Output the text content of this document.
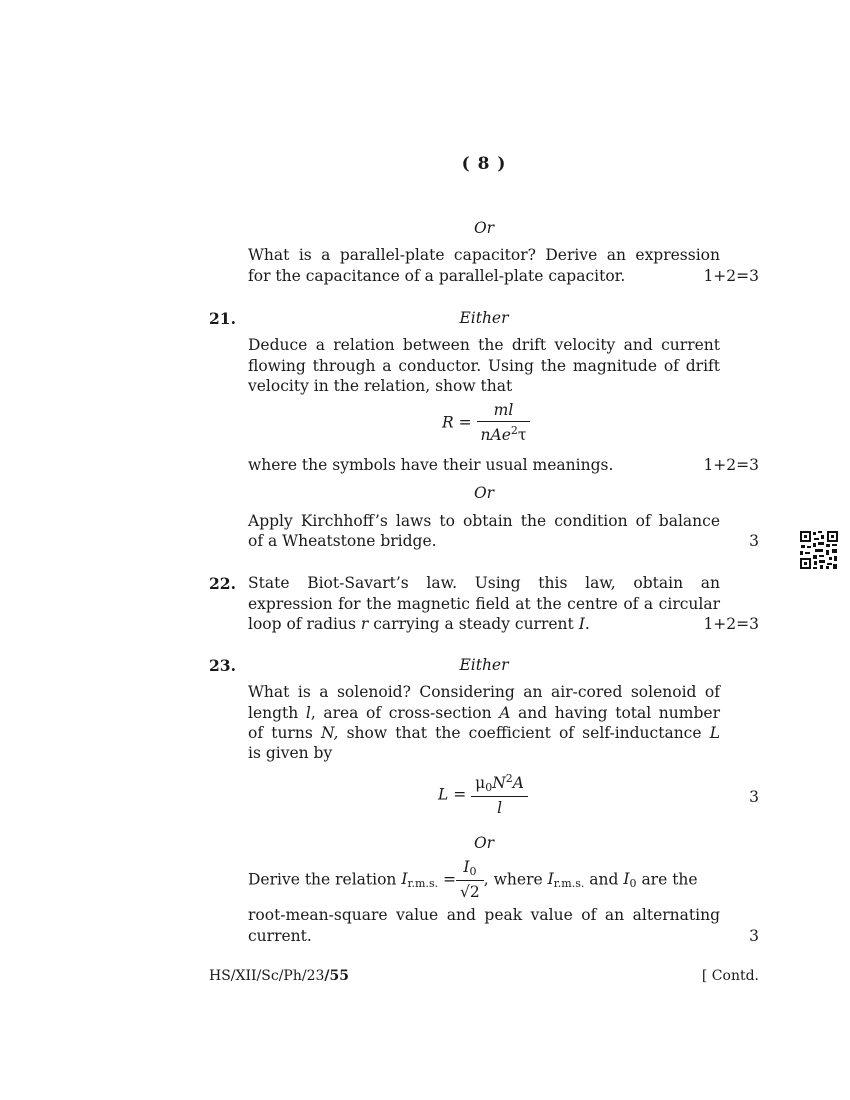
( 8 )
Or
What is a parallel-plate capacitor? Derive an expression
for the capacitance of a parallel-plate capacitor.	1+2=3
21.	Either
Deduce a relation between the drift velocity and current flowing through a conductor. Using the magnitude of drift velocity in the relation, show that
$R = \frac{ml}{nAe^2\tau}$
where the symbols have their usual meanings.	1+2=3
Or
Apply Kirchhoff’s laws to obtain the condition of balance
of a Wheatstone bridge.	3
22. State Biot-Savart’s law. Using this law, obtain an
expression for the magnetic field at the centre of a circular
loop of radius r carrying a steady current I.	1+2=3
23.	Either
What is a solenoid? Considering an air-cored solenoid of
length l, area of cross-section A and having total number
of turns N, show that the coefficient of self-inductance L
is given by
$L = \frac{\mu_0N^2A}{l}$	3
Or
Derive the relation $I_{r.m.s.} = \frac{I_0}{√2}$ , where $I_{r.m.s.}$ and $I_0$ are the
root-mean-square value and peak value of an alternating
current.	3
HS/XII/Sc/Ph/23/55	[ Contd.
